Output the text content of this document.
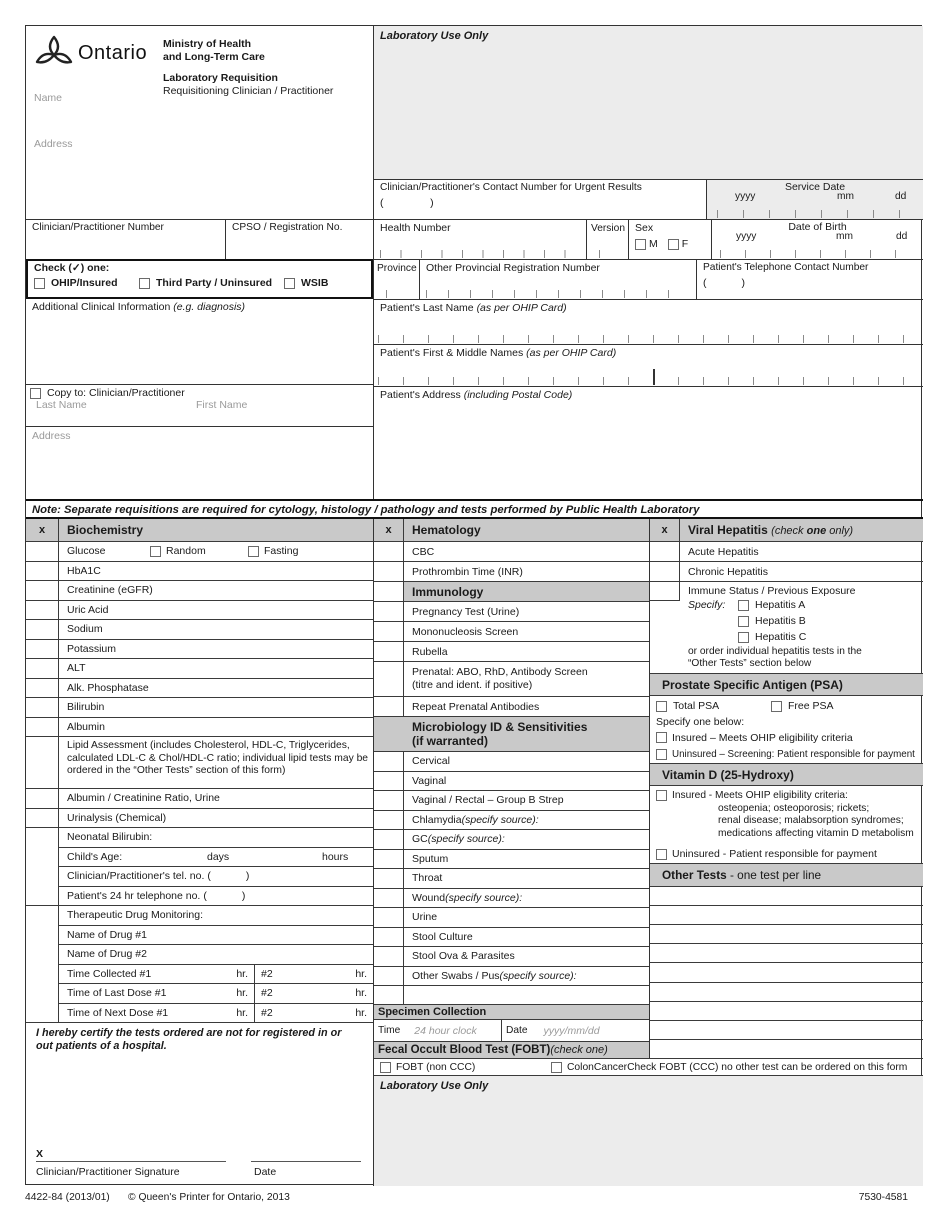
Ontario Ministry of Health
and Long-Term Care
Laboratory Requisition
Requisitioning Clinician / Practitioner
Name
Address
Clinician/Practitioner Number	CPSO / Registration No.
Check (✓) one:
OHIP/Insured	Third Party / Uninsured	WSIB
Additional Clinical Information (e.g. diagnosis)
Copy to: Clinician/Practitioner
Last Name	First Name
Address
Laboratory Use Only
Clinician/Practitioner's Contact Number for Urgent Results
(                )
Service Date
yyyy	mm	dd
Health Number	Version Sex
M F
Date of Birth
yyyy	mm	dd
Province Other Provincial Registration Number	Patient's Telephone Contact Number
(            )
Patient's Last Name (as per OHIP Card)
Patient's First & Middle Names (as per OHIP Card)
Patient's Address (including Postal Code)
Note: Separate requisitions are required for cytology, histology / pathology and tests performed by Public Health Laboratory
x	Biochemistry
Glucose	Random	Fasting
HbA1C
Creatinine (eGFR)
Uric Acid
Sodium
Potassium
ALT
Alk. Phosphatase
Bilirubin
Albumin
Lipid Assessment (includes Cholesterol, HDL-C, Triglycerides, calculated LDL-C & Chol/HDL-C ratio; individual lipid tests may be ordered in the “Other Tests” section of this form)
Albumin / Creatinine Ratio, Urine
Urinalysis (Chemical)
Neonatal Bilirubin:
Child's Age:	days	hours
Clinician/Practitioner's tel. no. (            )
Patient's 24 hr telephone no. (            )
Therapeutic Drug Monitoring:
Name of Drug #1
Name of Drug #2
Time Collected #1	hr. #2	hr.
Time of Last Dose #1	hr. #2	hr.
Time of Next Dose #1	hr. #2	hr.
I hereby certify the tests ordered are not for registered in or out patients of a hospital.
X
Clinician/Practitioner Signature	Date
x	Hematology
CBC
Prothrombin Time (INR)
Immunology
Pregnancy Test (Urine)
Mononucleosis Screen
Rubella
Prenatal: ABO, RhD, Antibody Screen
(titre and ident. if positive)
Repeat Prenatal Antibodies
Microbiology ID & Sensitivities
(if warranted)
Cervical
Vaginal
Vaginal / Rectal – Group B Strep
Chlamydia (specify source):
GC (specify source):
Sputum
Throat
Wound (specify source):
Urine
Stool Culture
Stool Ova & Parasites
Other Swabs / Pus (specify source):
Specimen Collection
Time 24 hour clock	Date yyyy/mm/dd
Fecal Occult Blood Test (FOBT) (check one)
FOBT (non CCC)	ColonCancerCheck FOBT (CCC) no other test can be ordered on this form
Laboratory Use Only
x	Viral Hepatitis (check one only)
Acute Hepatitis
Chronic Hepatitis
Immune Status / Previous Exposure
Specify:	Hepatitis A
Hepatitis B
Hepatitis C
or order individual hepatitis tests in the
“Other Tests” section below
Prostate Specific Antigen (PSA)
Total PSA	Free PSA
Specify one below:
Insured – Meets OHIP eligibility criteria
Uninsured – Screening: Patient responsible for payment
Vitamin D (25-Hydroxy)
Insured - Meets OHIP eligibility criteria:
osteopenia; osteoporosis; rickets;
renal disease; malabsorption syndromes;
medications affecting vitamin D metabolism
Uninsured - Patient responsible for payment
Other Tests - one test per line
4422-84 (2013/01) © Queen's Printer for Ontario, 2013	7530-4581
